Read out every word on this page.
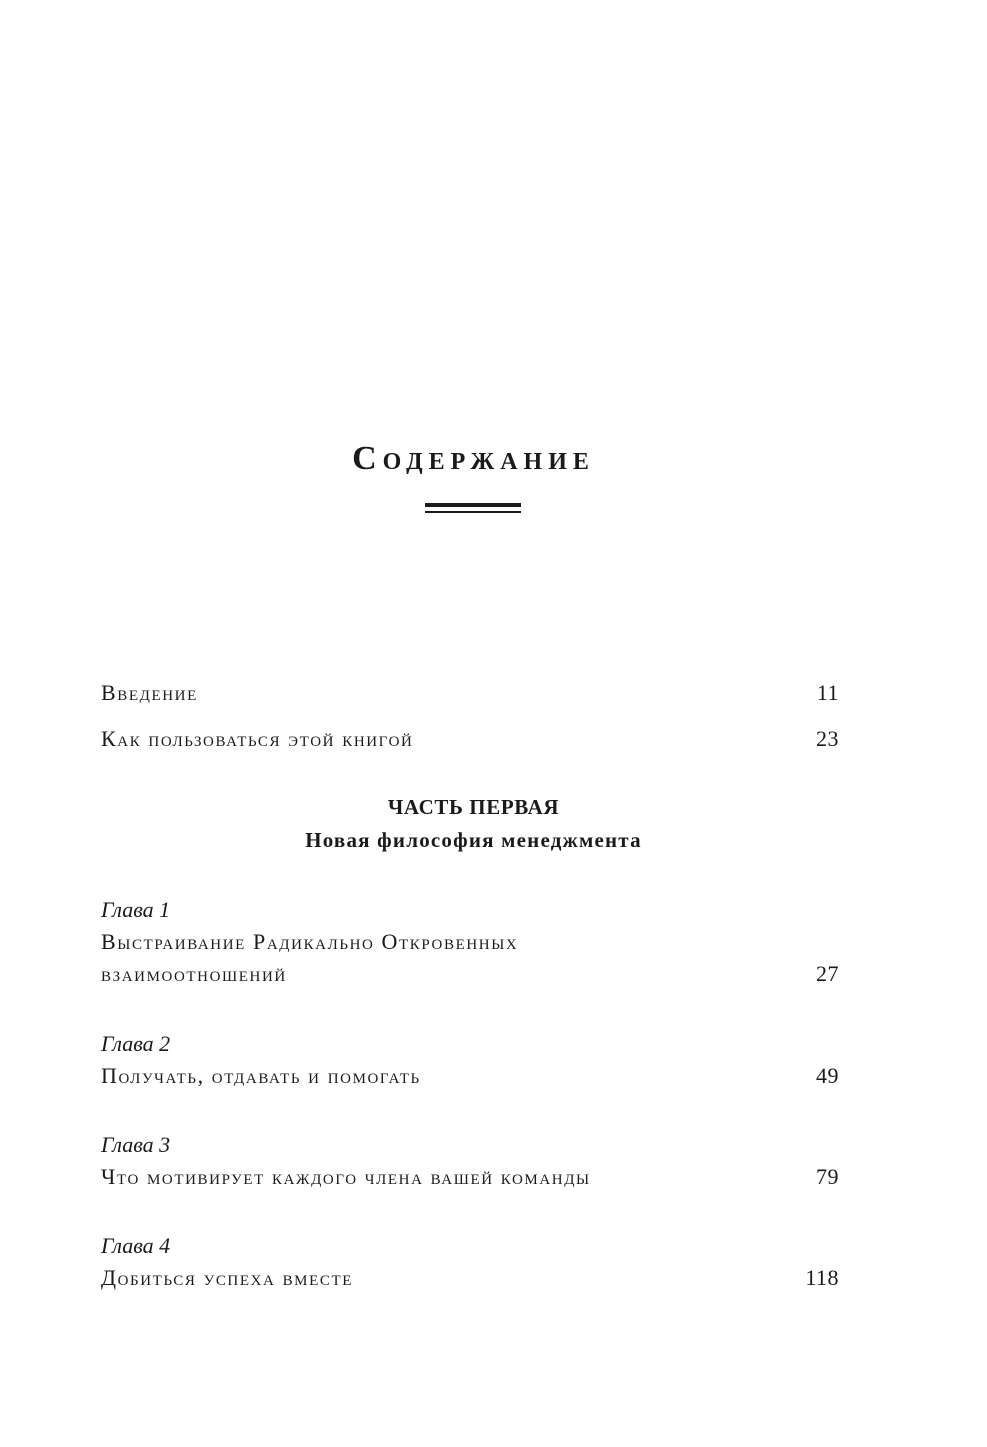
Содержание
Введение	11
Как пользоваться этой книгой	23
ЧАСТЬ ПЕРВАЯ
Новая философия менеджмента
Глава 1
Выстраивание Радикально Откровенных
взаимоотношений	27
Глава 2
Получать, отдавать и помогать	49
Глава 3
Что мотивирует каждого члена вашей команды	79
Глава 4
Добиться успеха вместе	118
